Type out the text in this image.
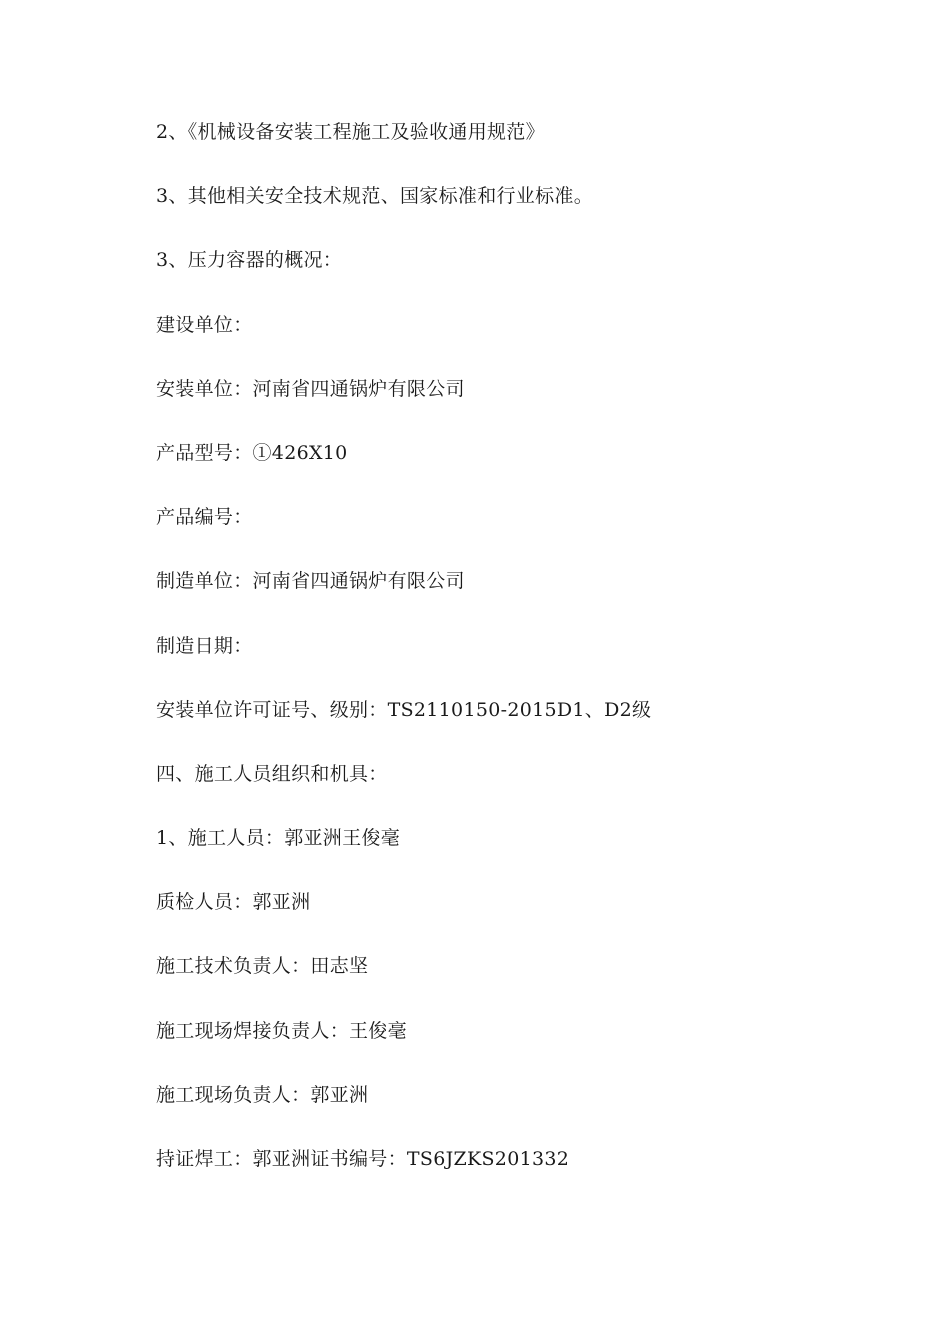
2、《机械设备安装工程施工及验收通用规范》
3、其他相关安全技术规范、国家标准和行业标准。
3、压力容器的概况：
建设单位：
安装单位：河南省四通锅炉有限公司
产品型号：①426X10
产品编号：
制造单位：河南省四通锅炉有限公司
制造日期：
安装单位许可证号、级别：TS2110150-2015D1、D2级
四、施工人员组织和机具：
1、施工人员：郭亚洲王俊毫
质检人员：郭亚洲
施工技术负责人：田志坚
施工现场焊接负责人：王俊毫
施工现场负责人：郭亚洲
持证焊工：郭亚洲证书编号：TS6JZKS201332
